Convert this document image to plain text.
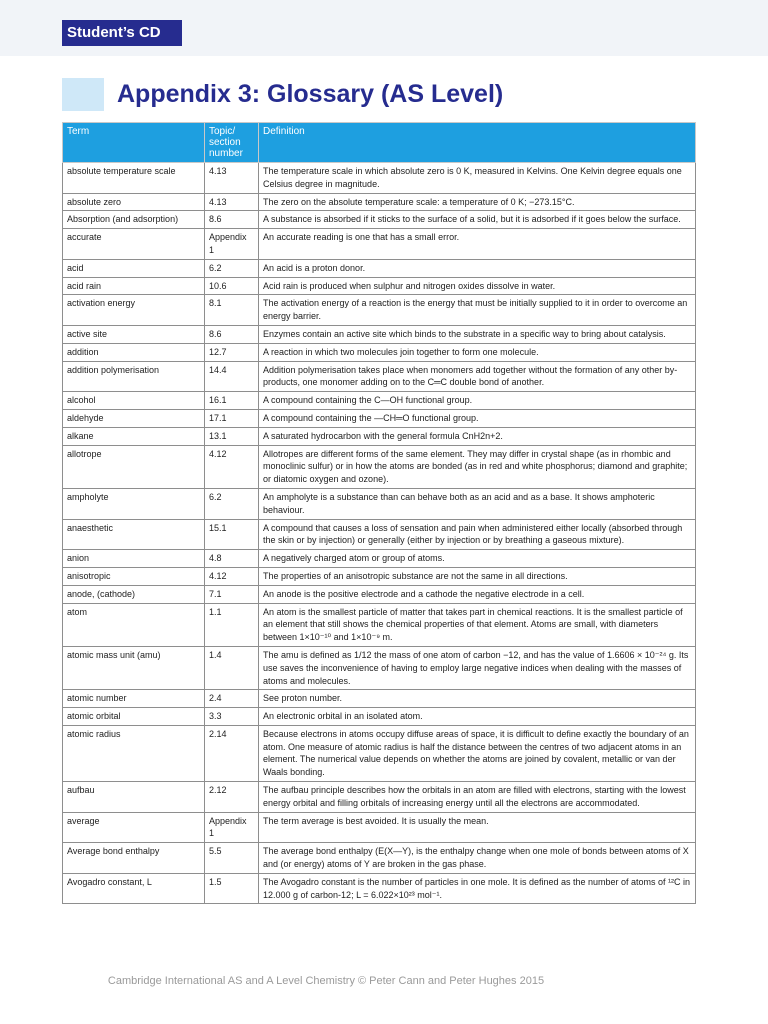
Student’s CD
Appendix 3: Glossary (AS Level)
Term	Topic/ section number	Definition
absolute temperature scale	4.13	The temperature scale in which absolute zero is 0 K, measured in Kelvins. One Kelvin degree equals one Celsius degree in magnitude.
absolute zero	4.13	The zero on the absolute temperature scale: a temperature of 0 K; −273.15°C.
Absorption (and adsorption)	8.6	A substance is absorbed if it sticks to the surface of a solid, but it is adsorbed if it goes below the surface.
accurate	Appendix 1	An accurate reading is one that has a small error.
acid	6.2	An acid is a proton donor.
acid rain	10.6	Acid rain is produced when sulphur and nitrogen oxides dissolve in water.
activation energy	8.1	The activation energy of a reaction is the energy that must be initially supplied to it in order to overcome an energy barrier.
active site	8.6	Enzymes contain an active site which binds to the substrate in a specific way to bring about catalysis.
addition	12.7	A reaction in which two molecules join together to form one molecule.
addition polymerisation	14.4	Addition polymerisation takes place when monomers add together without the formation of any other by-products, one monomer adding on to the C═C double bond of another.
alcohol	16.1	A compound containing the C—OH functional group.
aldehyde	17.1	A compound containing the —CH═O functional group.
alkane	13.1	A saturated hydrocarbon with the general formula CnH2n+2.
allotrope	4.12	Allotropes are different forms of the same element. They may differ in crystal shape (as in rhombic and monoclinic sulfur) or in how the atoms are bonded (as in red and white phosphorus; diamond and graphite; or diatomic oxygen and ozone).
ampholyte	6.2	An ampholyte is a substance than can behave both as an acid and as a base. It shows amphoteric behaviour.
anaesthetic	15.1	A compound that causes a loss of sensation and pain when administered either locally (absorbed through the skin or by injection) or generally (either by injection or by breathing a gaseous mixture).
anion	4.8	A negatively charged atom or group of atoms.
anisotropic	4.12	The properties of an anisotropic substance are not the same in all directions.
anode, (cathode)	7.1	An anode is the positive electrode and a cathode the negative electrode in a cell.
atom	1.1	An atom is the smallest particle of matter that takes part in chemical reactions. It is the smallest particle of an element that still shows the chemical properties of that element. Atoms are small, with diameters between 1×10⁻¹⁰ and 1×10⁻⁹ m.
atomic mass unit (amu)	1.4	The amu is defined as 1/12 the mass of one atom of carbon −12, and has the value of 1.6606 × 10⁻²⁴ g. Its use saves the inconvenience of having to employ large negative indices when dealing with the masses of atoms and molecules.
atomic number	2.4	See proton number.
atomic orbital	3.3	An electronic orbital in an isolated atom.
atomic radius	2.14	Because electrons in atoms occupy diffuse areas of space, it is difficult to define exactly the boundary of an atom. One measure of atomic radius is half the distance between the centres of two adjacent atoms in an element. The numerical value depends on whether the atoms are joined by covalent, metallic or van der Waals bonding.
aufbau	2.12	The aufbau principle describes how the orbitals in an atom are filled with electrons, starting with the lowest energy orbital and filling orbitals of increasing energy until all the electrons are accommodated.
average	Appendix 1	The term average is best avoided. It is usually the mean.
Average bond enthalpy	5.5	The average bond enthalpy (E(X—Y), is the enthalpy change when one mole of bonds between atoms of X and (or energy) atoms of Y are broken in the gas phase.
Avogadro constant, L	1.5	The Avogadro constant is the number of particles in one mole. It is defined as the number of atoms of ¹²C in 12.000 g of carbon-12; L = 6.022×10²³ mol⁻¹.
Cambridge International AS and A Level Chemistry © Peter Cann and Peter Hughes 2015
